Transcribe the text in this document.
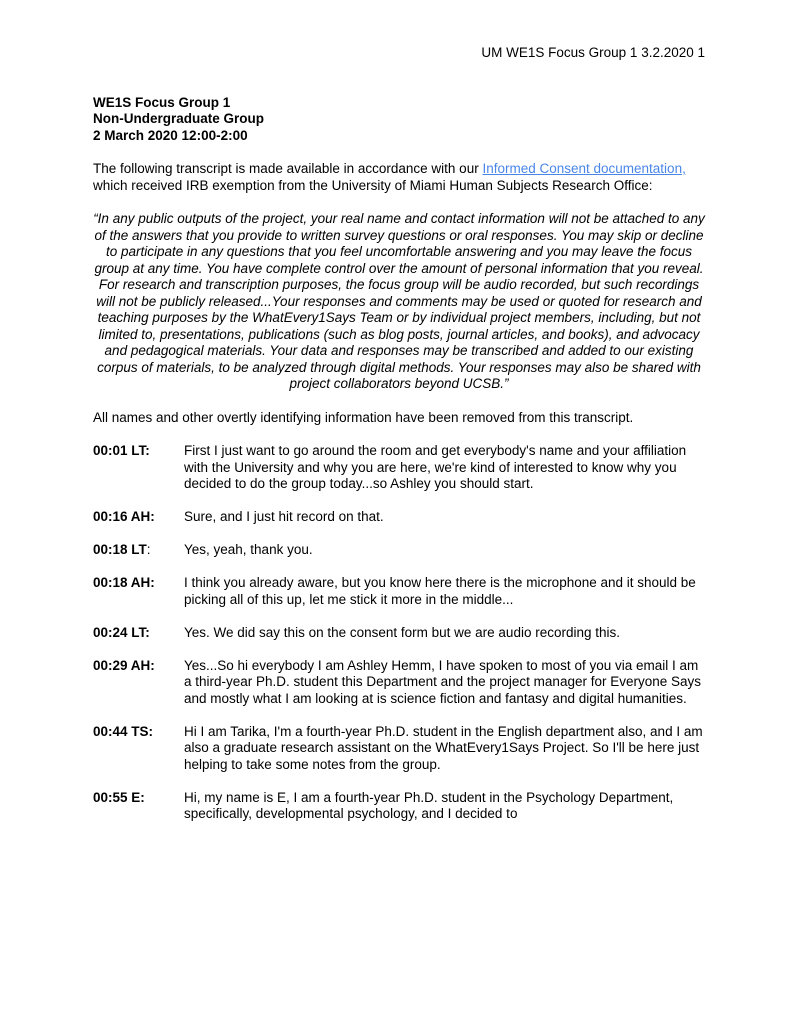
UM WE1S Focus Group 1 3.2.2020 1
WE1S Focus Group 1
Non-Undergraduate Group
2 March 2020 12:00-2:00

The following transcript is made available in accordance with our Informed Consent documentation, which received IRB exemption from the University of Miami Human Subjects Research Office:

“In any public outputs of the project, your real name and contact information will not be attached to any of the answers that you provide to written survey questions or oral responses. You may skip or decline to participate in any questions that you feel uncomfortable answering and you may leave the focus group at any time. You have complete control over the amount of personal information that you reveal. For research and transcription purposes, the focus group will be audio recorded, but such recordings will not be publicly released...Your responses and comments may be used or quoted for research and teaching purposes by the WhatEvery1Says Team or by individual project members, including, but not limited to, presentations, publications (such as blog posts, journal articles, and books), and advocacy and pedagogical materials. Your data and responses may be transcribed and added to our existing corpus of materials, to be analyzed through digital methods. Your responses may also be shared with project collaborators beyond UCSB.”

All names and other overtly identifying information have been removed from this transcript.

00:01 LT:	First I just want to go around the room and get everybody's name and your affiliation with the University and why you are here, we're kind of interested to know why you decided to do the group today...so Ashley you should start.
00:16 AH:	Sure, and I just hit record on that.
00:18 LT:	Yes, yeah, thank you.
00:18 AH:	I think you already aware, but you know here there is the microphone and it should be picking all of this up, let me stick it more in the middle...
00:24 LT:	Yes. We did say this on the consent form but we are audio recording this.
00:29 AH:	Yes...So hi everybody I am Ashley Hemm, I have spoken to most of you via email I am a third-year Ph.D. student this Department and the project manager for Everyone Says and mostly what I am looking at is science fiction and fantasy and digital humanities.
00:44 TS:	Hi I am Tarika, I'm a fourth-year Ph.D. student in the English department also, and I am also a graduate research assistant on the WhatEvery1Says Project. So I'll be here just helping to take some notes from the group.
00:55 E:	Hi, my name is E, I am a fourth-year Ph.D. student in the Psychology Department, specifically, developmental psychology, and I decided to
